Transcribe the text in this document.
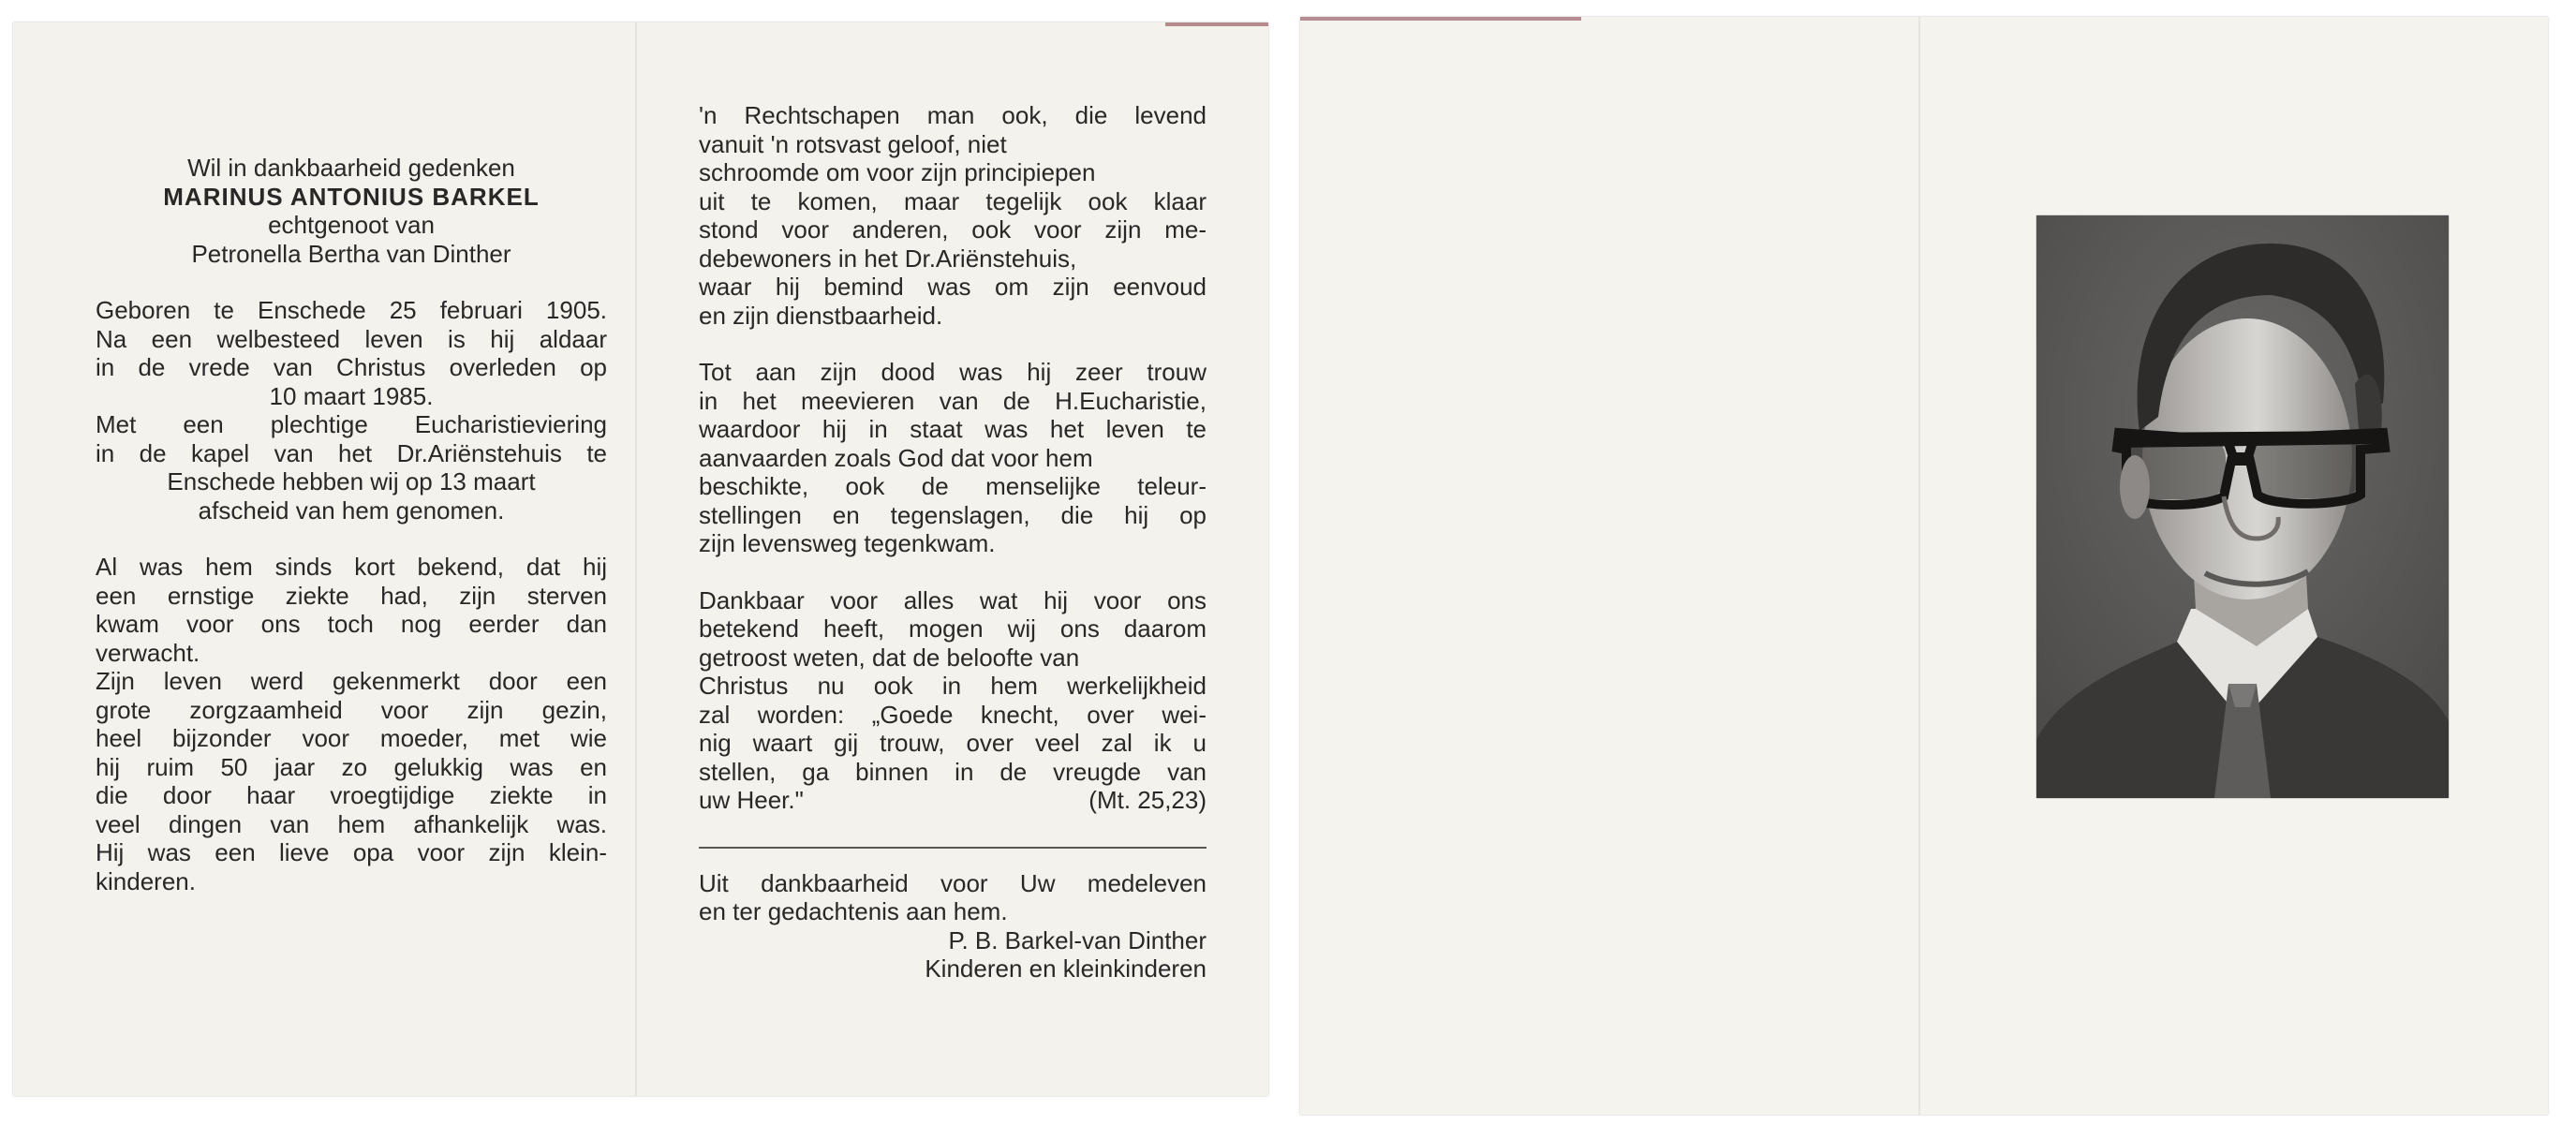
Wil in dankbaarheid gedenken

MARINUS ANTONIUS BARKEL

echtgenoot van

Petronella Bertha van Dinther

Geboren te Enschede 25 februari 1905.

Na een welbesteed leven is hij aldaar

in de vrede van Christus overleden op

10 maart 1985.

Met een plechtige Eucharistieviering

in de kapel van het Dr.Ariënstehuis te

Enschede hebben wij op 13 maart

afscheid van hem genomen.

Al was hem sinds kort bekend, dat hij

een ernstige ziekte had, zijn sterven

kwam voor ons toch nog eerder dan

verwacht.

Zijn leven werd gekenmerkt door een

grote zorgzaamheid voor zijn gezin,

heel bijzonder voor moeder, met wie

hij ruim 50 jaar zo gelukkig was en

die door haar vroegtijdige ziekte in

veel dingen van hem afhankelijk was.

Hij was een lieve opa voor zijn klein-

kinderen.

'n Rechtschapen man ook, die levend

vanuit 'n rotsvast geloof, niet

schroomde om voor zijn principiepen

uit te komen, maar tegelijk ook klaar

stond voor anderen, ook voor zijn me-

debewoners in het Dr.Ariënstehuis,

waar hij bemind was om zijn eenvoud

en zijn dienstbaarheid.

Tot aan zijn dood was hij zeer trouw

in het meevieren van de H.Eucharistie,

waardoor hij in staat was het leven te

aanvaarden zoals God dat voor hem

beschikte, ook de menselijke teleur-

stellingen en tegenslagen, die hij op

zijn levensweg tegenkwam.

Dankbaar voor alles wat hij voor ons

betekend heeft, mogen wij ons daarom

getroost weten, dat de beloofte van

Christus nu ook in hem werkelijkheid

zal worden: „Goede knecht, over wei-

nig waart gij trouw, over veel zal ik u

stellen, ga binnen in de vreugde van

uw Heer."	(Mt. 25,23)

Uit dankbaarheid voor Uw medeleven

en ter gedachtenis aan hem.

P. B. Barkel-van Dinther

Kinderen en kleinkinderen
